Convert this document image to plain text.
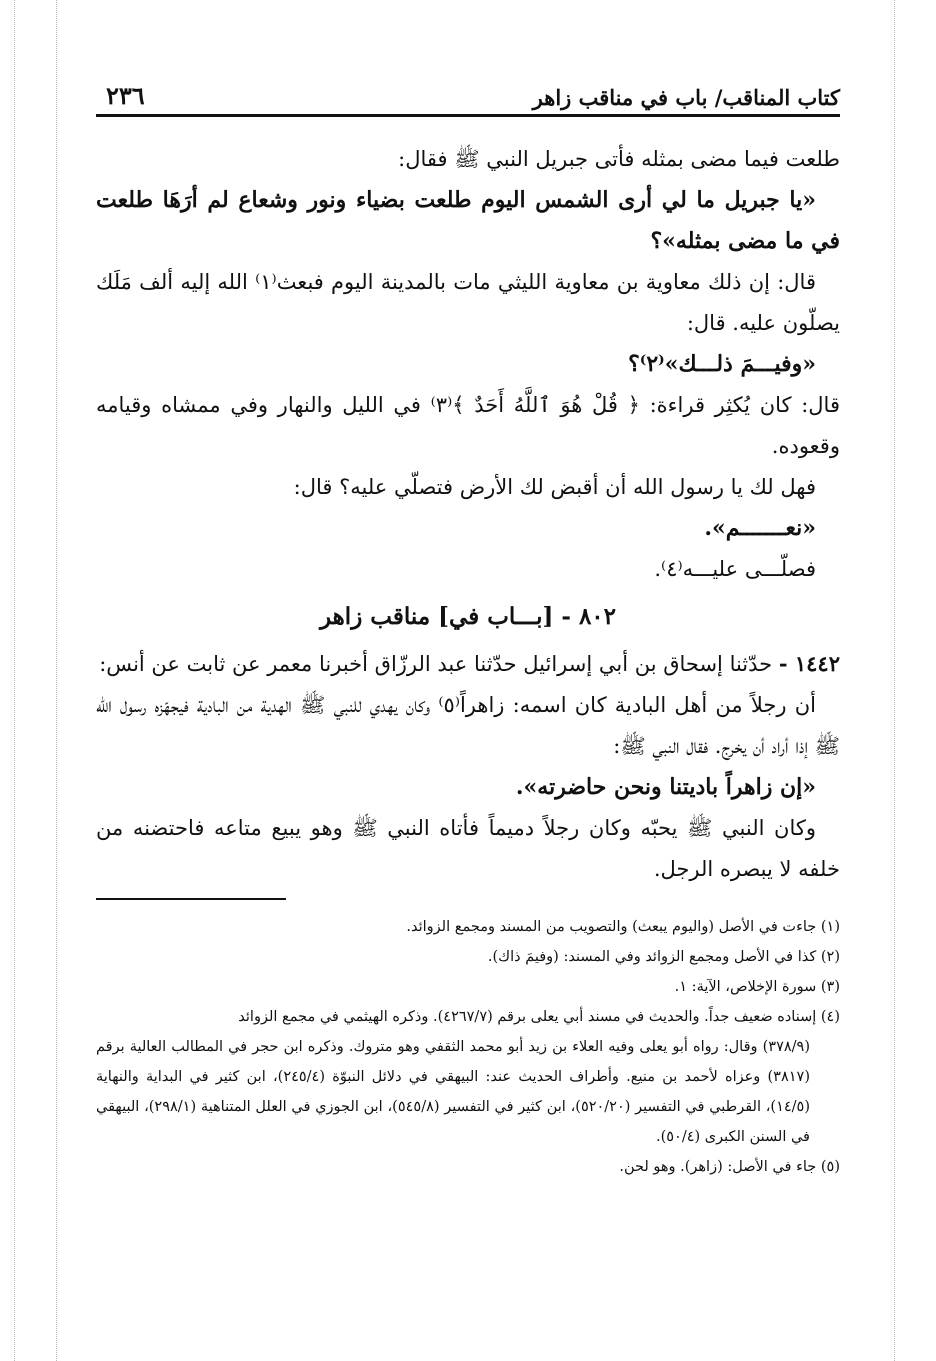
كتاب المناقب/ باب في مناقب زاهر
٢٣٦

طلعت فيما مضى بمثله فأتى جبريل النبي ﷺ فقال:

«يا جبريل ما لي أرى الشمس اليوم طلعت بضياء ونور وشعاع لم أرَهَا طلعت في ما مضى بمثله»؟

قال: إن ذلك معاوية بن معاوية الليثي مات بالمدينة اليوم فبعث⁽١⁾ الله إليه ألف مَلَك يصلّون عليه. قال:

«وفيـــمَ ذلـــك»⁽٢⁾؟

قال: كان يُكثِر قراءة: ﴿ قُلْ هُوَ ٱللَّهُ أَحَدٌ ﴾⁽٣⁾ في الليل والنهار وفي ممشاه وقيامه وقعوده.

فهل لك يا رسول الله أن أقبض لك الأرض فتصلّي عليه؟ قال:

«نعـــــــم».

فصلّـــى عليـــه⁽٤⁾.

٨٠٢ - [بـــاب في] مناقب زاهر

١٤٤٢ - حدّثنا إسحاق بن أبي إسرائيل حدّثنا عبد الرزّاق أخبرنا معمر عن ثابت عن أنس:

أن رجلاً من أهل البادية كان اسمه: زاهراً⁽٥⁾ وكان يهدي للنبي ﷺ الهدية من البادية فيجهّزه رسول الله ﷺ إذا أراد أن يخرج. فقال النبي ﷺ:

«إن زاهراً باديتنا ونحن حاضرته».

وكان النبي ﷺ يحبّه وكان رجلاً دميماً فأتاه النبي ﷺ وهو يبيع متاعه فاحتضنه من خلفه لا يبصره الرجل.

(١) جاءت في الأصل (واليوم يبعث) والتصويب من المسند ومجمع الزوائد.

(٢) كذا في الأصل ومجمع الزوائد وفي المسند: (وفيمَ ذاك).

(٣) سورة الإخلاص، الآية: ١.

(٤) إسناده ضعيف جداً. والحديث في مسند أبي يعلى برقم (٤٢٦٧/٧). وذكره الهيثمي في مجمع الزوائد

(٣٧٨/٩) وقال: رواه أبو يعلى وفيه العلاء بن زيد أبو محمد الثقفي وهو متروك. وذكره ابن حجر في المطالب العالية برقم (٣٨١٧) وعزاه لأحمد بن منيع. وأطراف الحديث عند: البيهقي في دلائل النبوّة (٢٤٥/٤)، ابن كثير في البداية والنهاية (١٤/٥)، القرطبي في التفسير (٥٢٠/٢٠)، ابن كثير في التفسير (٥٤٥/٨)، ابن الجوزي في العلل المتناهية (٢٩٨/١)، البيهقي في السنن الكبرى (٥٠/٤).

(٥) جاء في الأصل: (زاهر). وهو لحن.
